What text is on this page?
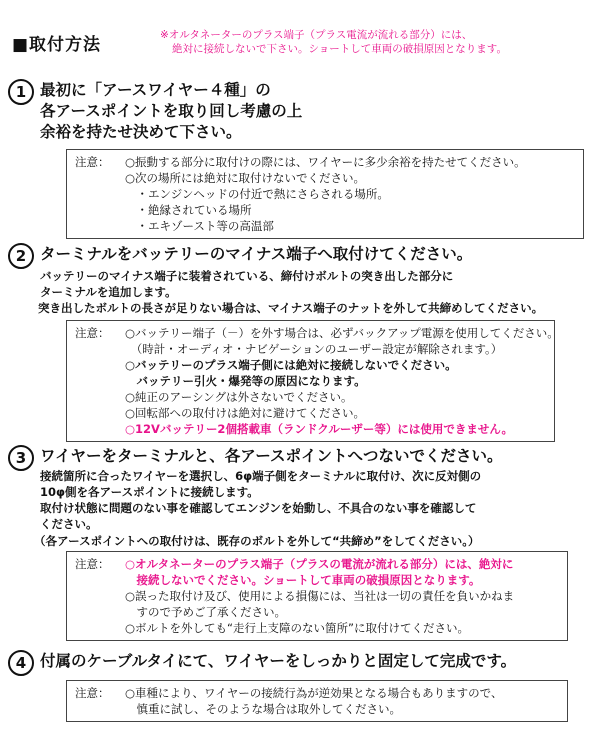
■取付方法	※オルタネーターのプラス端子（プラス電流が流れる部分）には、
絶対に接続しないで下さい。ショートして車両の破損原因となります。
1 最初に「アースワイヤー４種」の
各アースポイントを取り回し考慮の上
余裕を持たせ決めて下さい。
注意： ○振動する部分に取付けの際には、ワイヤーに多少余裕を持たせてください。
○次の場所には絶対に取付けないでください。
　・エンジンヘッドの付近で熱にさらされる場所。
　・絶縁されている場所
　・エキゾースト等の高温部
2 ターミナルをバッテリーのマイナス端子へ取付けてください。
バッテリーのマイナス端子に装着されている、締付けボルトの突き出した部分に
ターミナルを追加します。
突き出したボルトの長さが足りない場合は、マイナス端子のナットを外して共締めしてください。
注意： ○バッテリー端子（－）を外す場合は、必ずバックアップ電源を使用してください。
　（時計・オーディオ・ナビゲーションのユーザー設定が解除されます。）
○バッテリーのプラス端子側には絶対に接続しないでください。
　バッテリー引火・爆発等の原因になります。
○純正のアーシングは外さないでください。
○回転部への取付けは絶対に避けてください。
○12Vバッテリー2個搭載車（ランドクルーザー等）には使用できません。
3 ワイヤーをターミナルと、各アースポイントへつないでください。
接続箇所に合ったワイヤーを選択し、6φ端子側をターミナルに取付け、次に反対側の
10φ側を各アースポイントに接続します。
取付け状態に問題のない事を確認してエンジンを始動し、不具合のない事を確認して
ください。
（各アースポイントへの取付けは、既存のボルトを外して“共締め”をしてください。）
注意： ○オルタネーターのプラス端子（プラスの電流が流れる部分）には、絶対に
　接続しないでください。ショートして車両の破損原因となります。
○誤った取付け及び、使用による損傷には、当社は一切の責任を負いかねま
　すので予めご了承ください。
○ボルトを外しても“走行上支障のない箇所”に取付けてください。
4 付属のケーブルタイにて、ワイヤーをしっかりと固定して完成です。
注意： ○車種により、ワイヤーの接続行為が逆効果となる場合もありますので、
　慎重に試し、そのような場合は取外してください。
